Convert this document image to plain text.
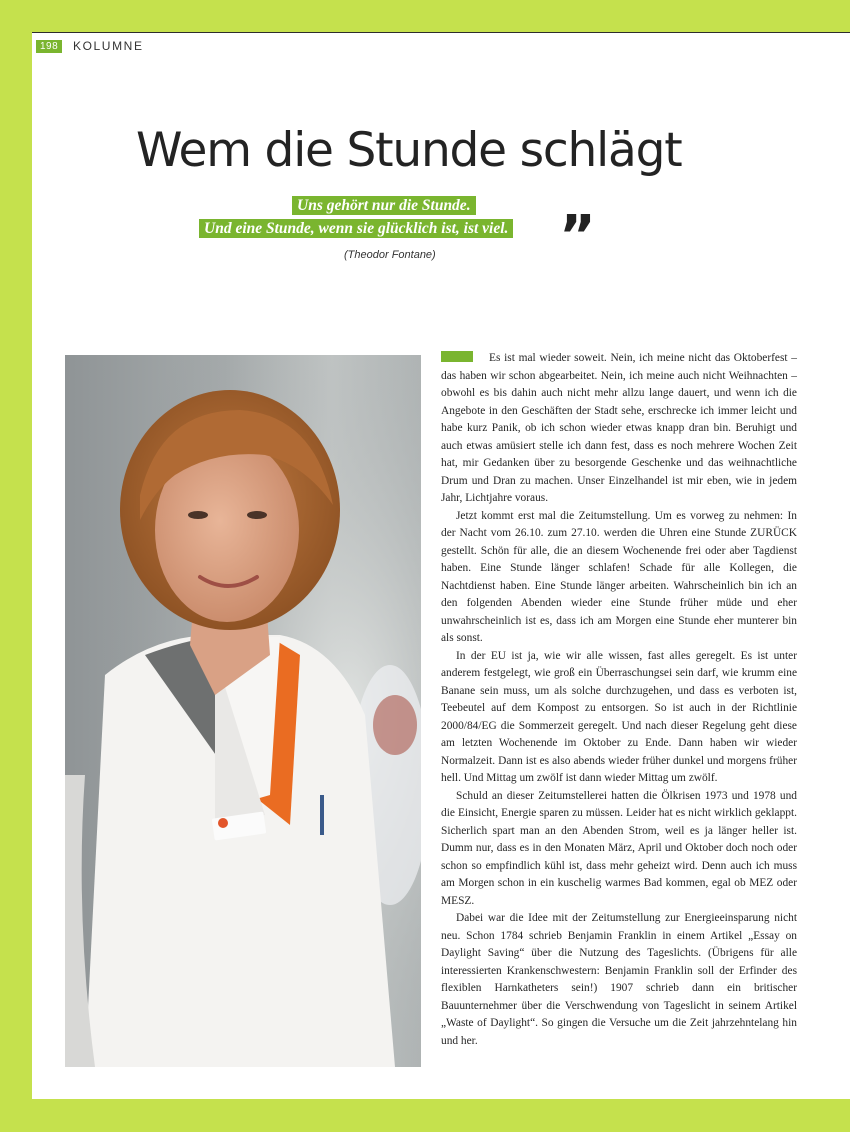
198	KOLUMNE
Wem die Stunde schlägt
Uns gehört nur die Stunde.
Und eine Stunde, wenn sie glücklich ist, ist viel. ”
(Theodor Fontane)

Es ist mal wieder soweit. Nein, ich meine nicht das Oktoberfest – das haben wir schon abgearbeitet. Nein, ich meine auch nicht Weihnachten – obwohl es bis dahin auch nicht mehr allzu lange dauert, und wenn ich die Angebote in den Geschäften der Stadt sehe, erschrecke ich immer leicht und habe kurz Panik, ob ich schon wieder etwas knapp dran bin. Beruhigt und auch etwas amüsiert stelle ich dann fest, dass es noch mehrere Wochen Zeit hat, mir Gedanken über zu besorgende Geschenke und das weihnachtliche Drum und Dran zu machen. Unser Einzelhandel ist mir eben, wie in jedem Jahr, Lichtjahre voraus.

Jetzt kommt erst mal die Zeitumstellung. Um es vorweg zu nehmen: In der Nacht vom 26.10. zum 27.10. werden die Uhren eine Stunde ZURÜCK gestellt. Schön für alle, die an diesem Wochenende frei oder aber Tagdienst haben. Eine Stunde länger schlafen! Schade für alle Kollegen, die Nachtdienst haben. Eine Stunde länger arbeiten. Wahrscheinlich bin ich an den folgenden Abenden wieder eine Stunde früher müde und eher unwahrscheinlich ist es, dass ich am Morgen eine Stunde eher munterer bin als sonst.

In der EU ist ja, wie wir alle wissen, fast alles geregelt. Es ist unter anderem festgelegt, wie groß ein Überraschungsei sein darf, wie krumm eine Banane sein muss, um als solche durchzugehen, und dass es verboten ist, Teebeutel auf dem Kompost zu entsorgen. So ist auch in der Richtlinie 2000/84/EG die Sommerzeit geregelt. Und nach dieser Regelung geht diese am letzten Wochenende im Oktober zu Ende. Dann haben wir wieder Normalzeit. Dann ist es also abends wieder früher dunkel und morgens früher hell. Und Mittag um zwölf ist dann wieder Mittag um zwölf.

Schuld an dieser Zeitumstellerei hatten die Ölkrisen 1973 und 1978 und die Einsicht, Energie sparen zu müssen. Leider hat es nicht wirklich geklappt. Sicherlich spart man an den Abenden Strom, weil es ja länger heller ist. Dumm nur, dass es in den Monaten März, April und Oktober doch noch oder schon so empfindlich kühl ist, dass mehr geheizt wird. Denn auch ich muss am Morgen schon in ein kuschelig warmes Bad kommen, egal ob MEZ oder MESZ.

Dabei war die Idee mit der Zeitumstellung zur Energieeinsparung nicht neu. Schon 1784 schrieb Benjamin Franklin in einem Artikel „Essay on Daylight Saving“ über die Nutzung des Tageslichts. (Übrigens für alle interessierten Krankenschwestern: Benjamin Franklin soll der Erfinder des flexiblen Harnkatheters sein!) 1907 schrieb dann ein britischer Bauunternehmer über die Verschwendung von Tageslicht in seinem Artikel „Waste of Daylight“. So gingen die Versuche um die Zeit jahrzehntelang hin und her.
